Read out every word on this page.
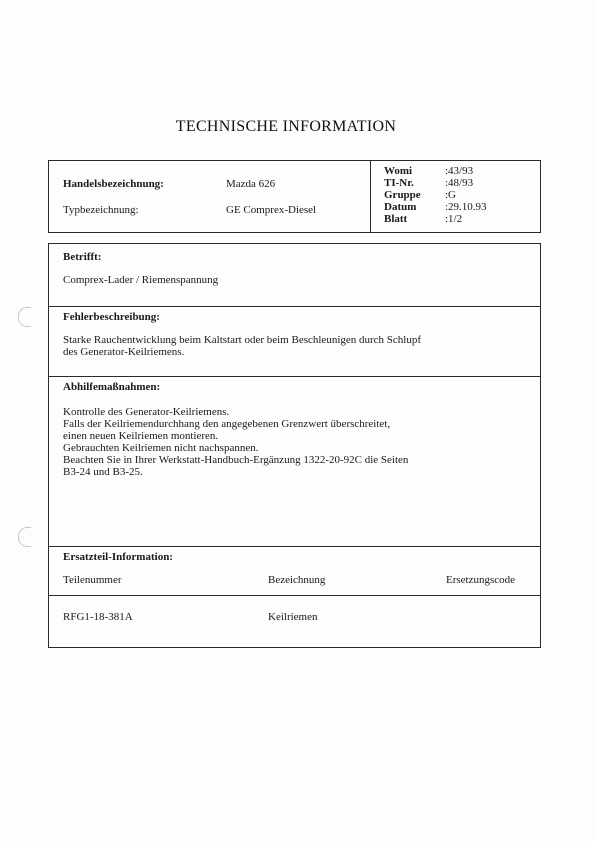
TECHNISCHE INFORMATION
Handelsbezeichnung:	Mazda 626
Typbezeichnung:	GE Comprex-Diesel
Womi	:43/93
TI-Nr.	:48/93
Gruppe :G
Datum	:29.10.93
Blatt	:1/2
Betrifft:
Comprex-Lader / Riemenspannung
Fehlerbeschreibung:
Starke Rauchentwicklung beim Kaltstart oder beim Beschleunigen durch Schlupf
des Generator-Keilriemens.
Abhilfemaßnahmen:
Kontrolle des Generator-Keilriemens.
Falls der Keilriemendurchhang den angegebenen Grenzwert überschreitet,
einen neuen Keilriemen montieren.
Gebrauchten Keilriemen nicht nachspannen.
Beachten Sie in Ihrer Werkstatt-Handbuch-Ergänzung 1322-20-92C die Seiten
B3-24 und B3-25.
Ersatzteil-Information:
Teilenummer	Bezeichnung	Ersetzungscode
RFG1-18-381A	Keilriemen
